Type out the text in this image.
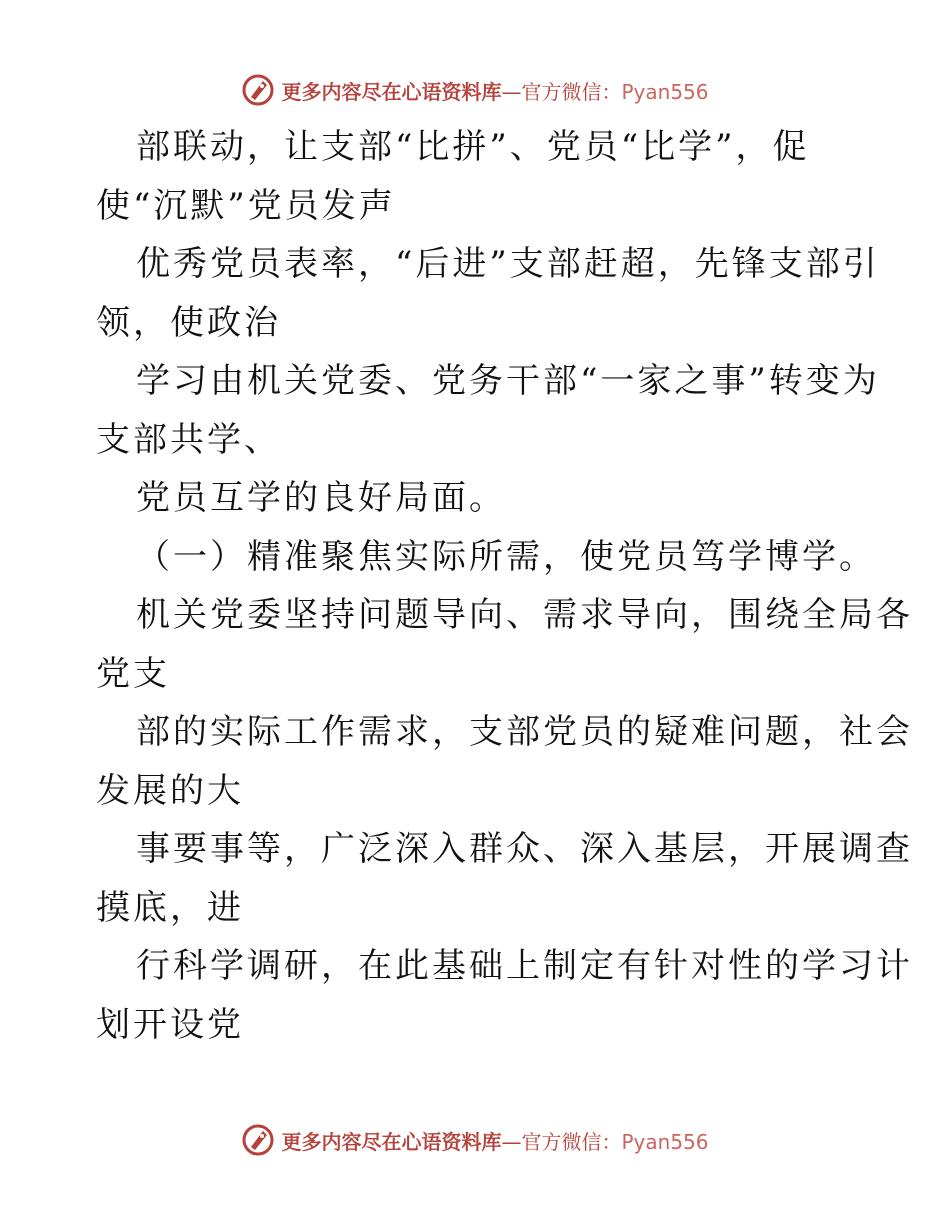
更多内容尽在心语资料库—官方微信：Pyan556
部联动，让支部“比拼”、党员“比学”，促
使“沉默”党员发声
优秀党员表率，“后进”支部赶超，先锋支部引
领，使政治
学习由机关党委、党务干部“一家之事”转变为
支部共学、
党员互学的良好局面。
（一）精准聚焦实际所需，使党员笃学博学。
机关党委坚持问题导向、需求导向，围绕全局各
党支
部的实际工作需求，支部党员的疑难问题，社会
发展的大
事要事等，广泛深入群众、深入基层，开展调查
摸底，进
行科学调研，在此基础上制定有针对性的学习计
划开设党
更多内容尽在心语资料库—官方微信：Pyan556
